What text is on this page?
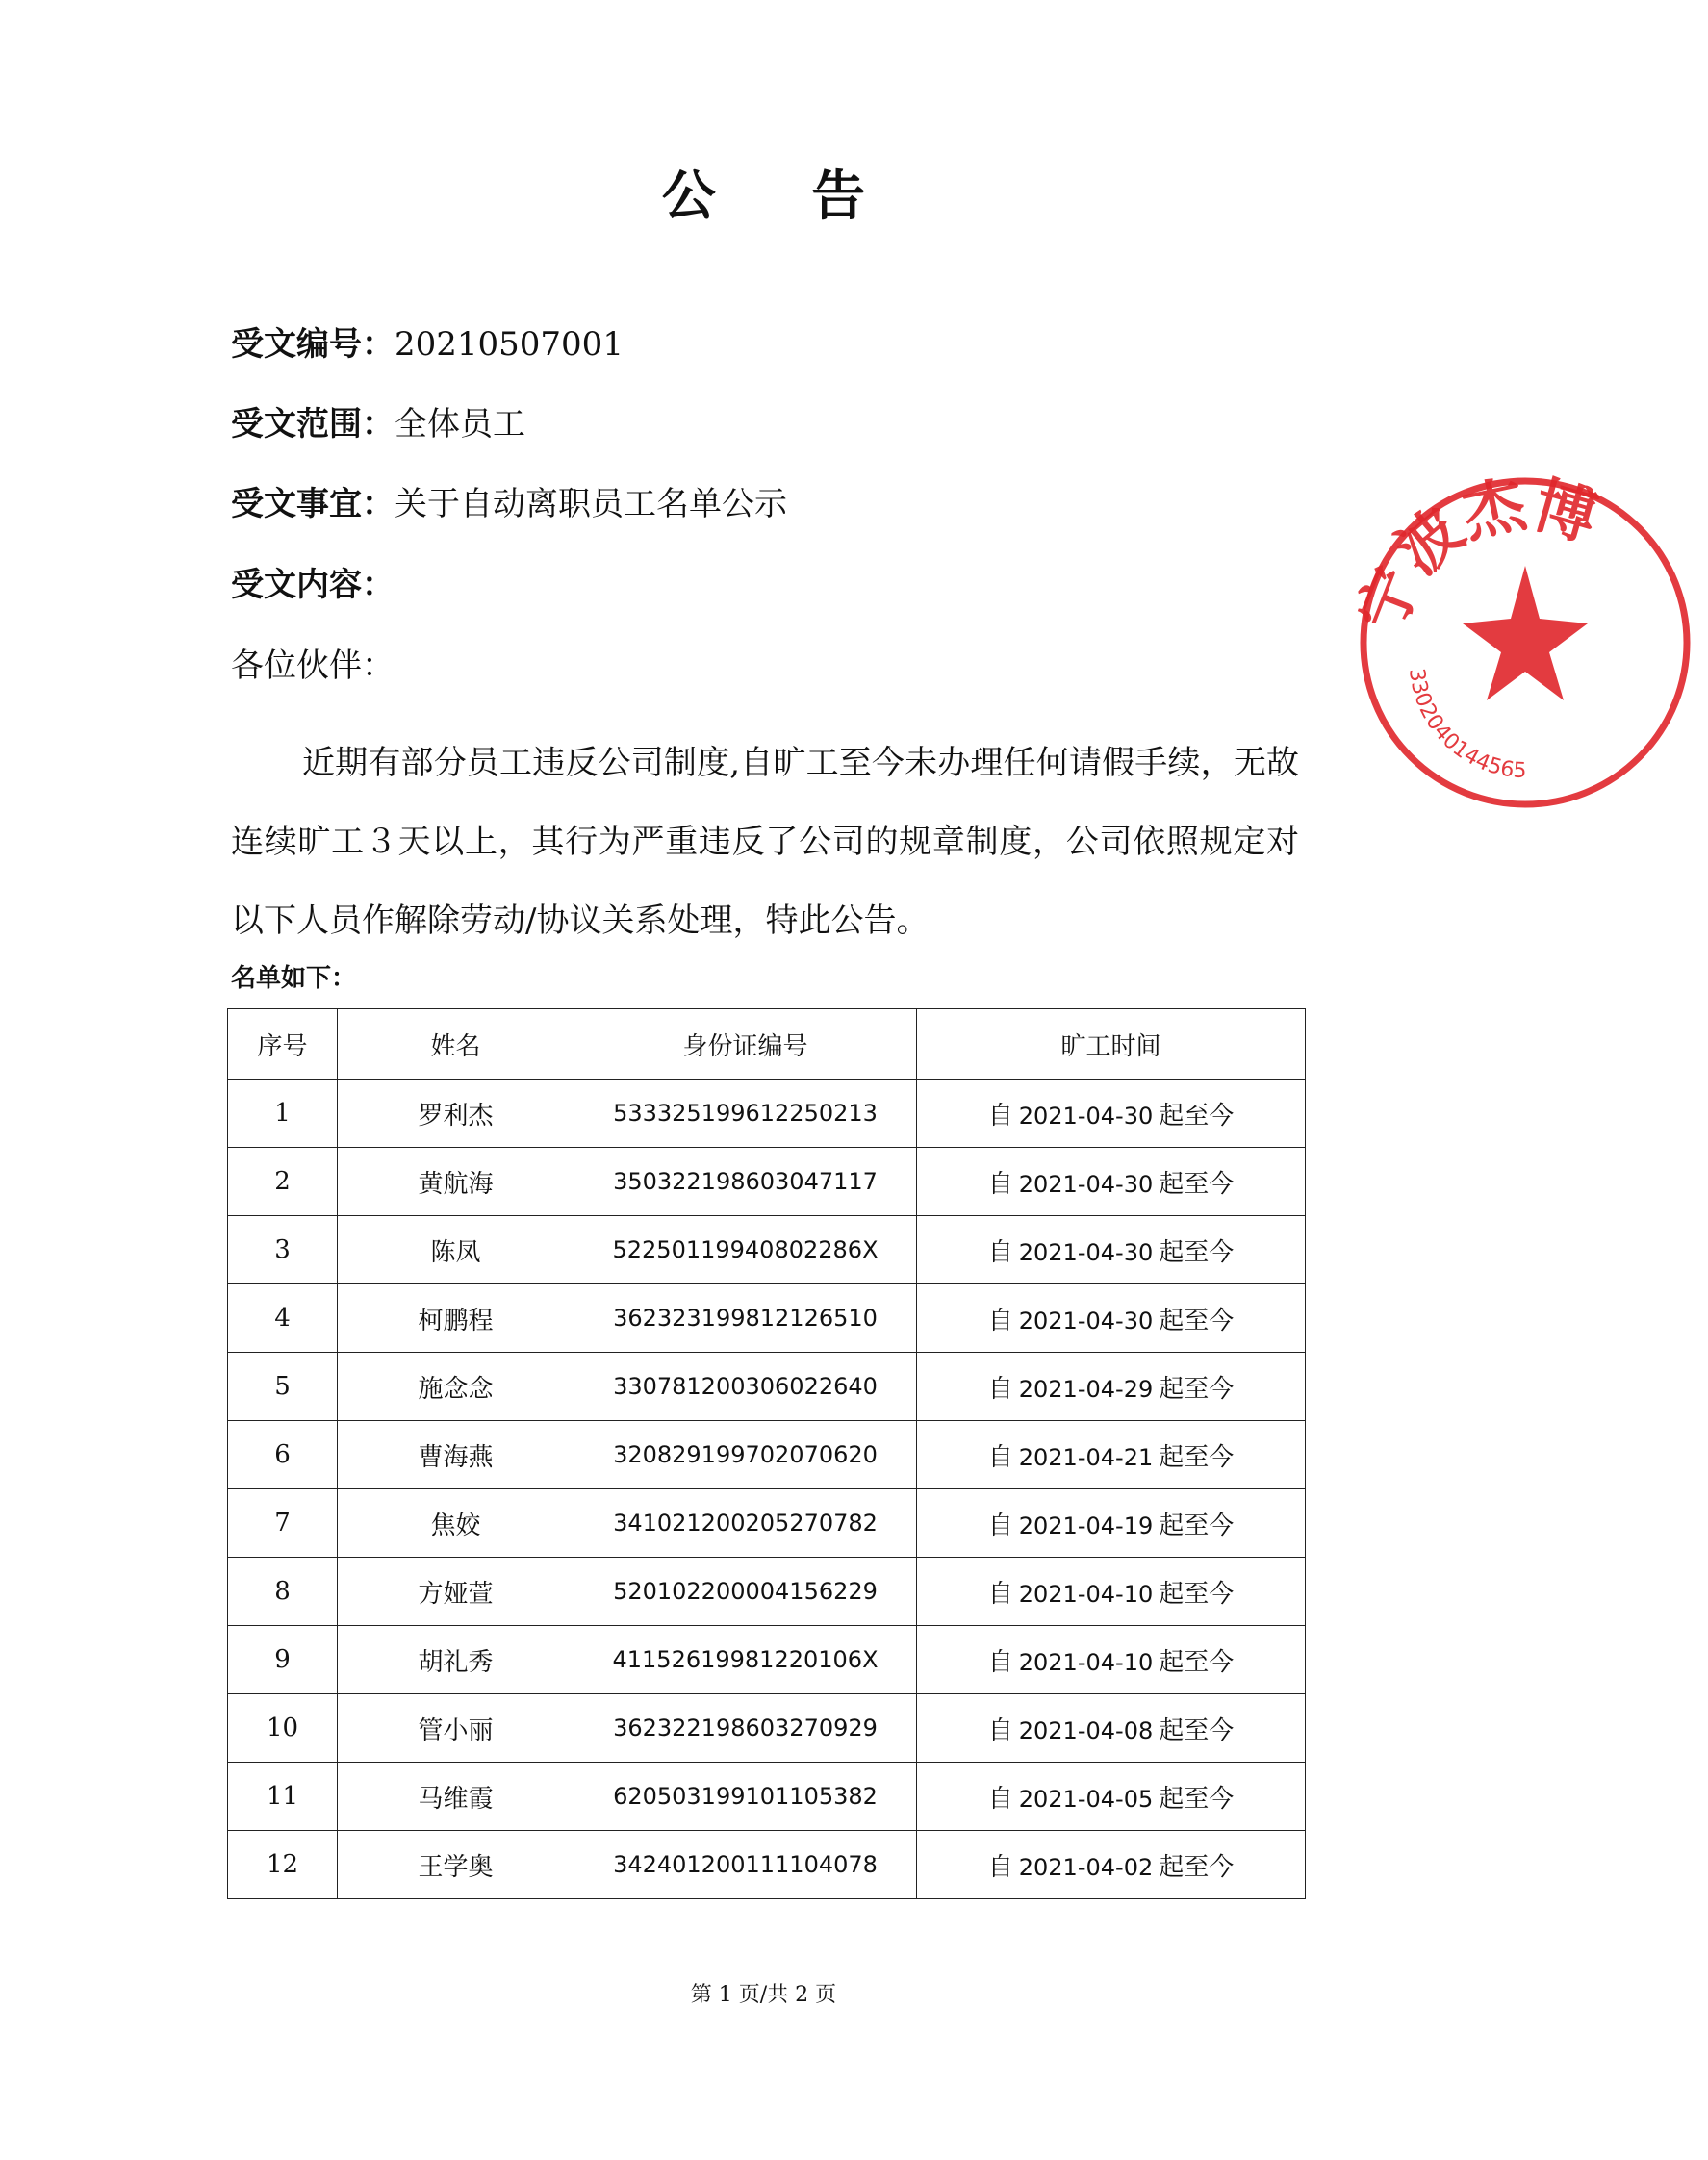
公 告
受文编号：20210507001
受文范围：全体员工
受文事宜：关于自动离职员工名单公示
受文内容：
各位伙伴：

近期有部分员工违反公司制度,自旷工至今未办理任何请假手续，无故连续旷工３天以上，其行为严重违反了公司的规章制度，公司依照规定对以下人员作解除劳动/协议关系处理，特此公告。

名单如下：
序号	姓名	身份证编号	旷工时间
1	罗利杰	533325199612250213	自 2021-04-30 起至今
2	黄航海	350322198603047117	自 2021-04-30 起至今
3	陈凤	52250119940802286X	自 2021-04-30 起至今
4	柯鹏程	362323199812126510	自 2021-04-30 起至今
5	施念念	330781200306022640	自 2021-04-29 起至今
6	曹海燕	320829199702070620	自 2021-04-21 起至今
7	焦姣	341021200205270782	自 2021-04-19 起至今
8	方娅萱	520102200004156229	自 2021-04-10 起至今
9	胡礼秀	41152619981220106X	自 2021-04-10 起至今
10	管小丽	362322198603270929	自 2021-04-08 起至今
11	马维霞	620503199101105382	自 2021-04-05 起至今
12	王学奥	342401200111104078	自 2021-04-02 起至今
第 1 页/共 2 页
宁波杰博
3302040144565
